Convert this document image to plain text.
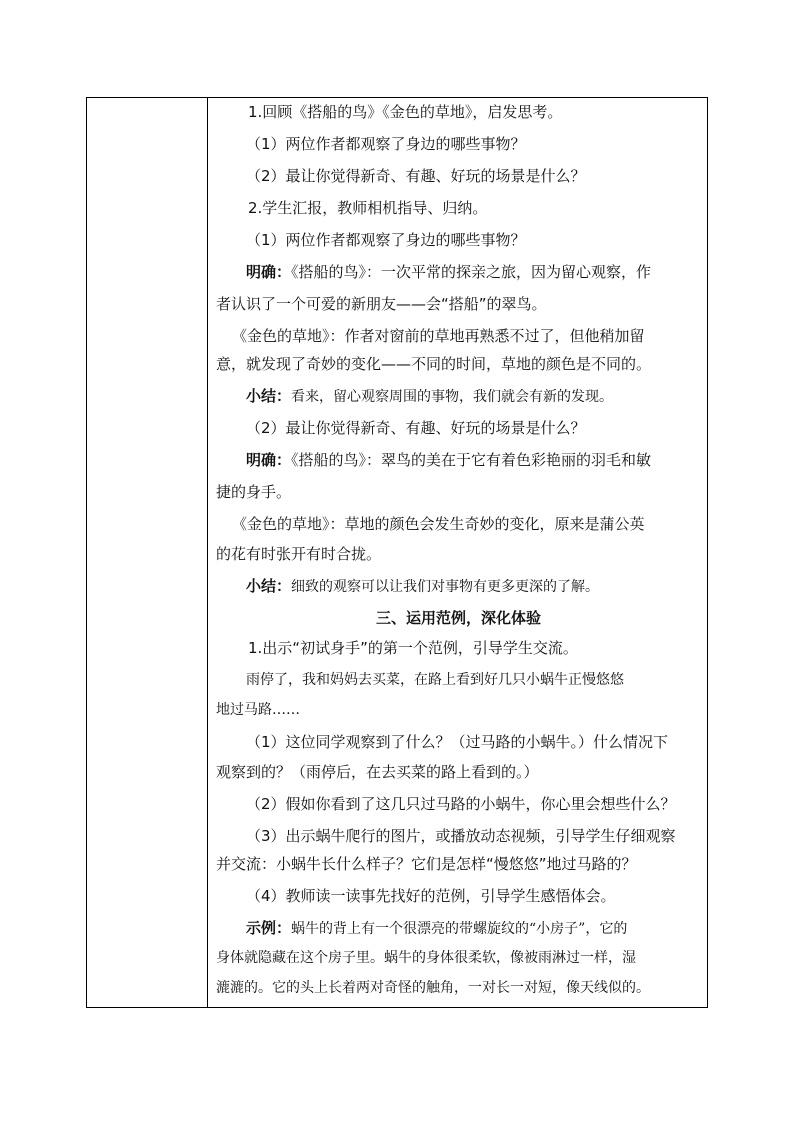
1.回顾《搭船的鸟》《金色的草地》，启发思考。
（1）两位作者都观察了身边的哪些事物？
（2）最让你觉得新奇、有趣、好玩的场景是什么？
2.学生汇报，教师相机指导、归纳。
（1）两位作者都观察了身边的哪些事物？
明确：《搭船的鸟》：一次平常的探亲之旅，因为留心观察，作
者认识了一个可爱的新朋友——会“搭船”的翠鸟。
《金色的草地》：作者对窗前的草地再熟悉不过了，但他稍加留
意，就发现了奇妙的变化——不同的时间，草地的颜色是不同的。
小结：看来，留心观察周围的事物，我们就会有新的发现。
（2）最让你觉得新奇、有趣、好玩的场景是什么？
明确：《搭船的鸟》：翠鸟的美在于它有着色彩艳丽的羽毛和敏
捷的身手。
《金色的草地》：草地的颜色会发生奇妙的变化，原来是蒲公英
的花有时张开有时合拢。
小结：细致的观察可以让我们对事物有更多更深的了解。
三、运用范例，深化体验
1.出示“初试身手”的第一个范例，引导学生交流。
雨停了，我和妈妈去买菜，在路上看到好几只小蜗牛正慢悠悠
地过马路……
（1）这位同学观察到了什么？（过马路的小蜗牛。）什么情况下
观察到的？（雨停后，在去买菜的路上看到的。）
（2）假如你看到了这几只过马路的小蜗牛，你心里会想些什么？
（3）出示蜗牛爬行的图片，或播放动态视频，引导学生仔细观察
并交流：小蜗牛长什么样子？它们是怎样“慢悠悠”地过马路的？
（4）教师读一读事先找好的范例，引导学生感悟体会。
示例：蜗牛的背上有一个很漂亮的带螺旋纹的“小房子”，它的
身体就隐藏在这个房子里。蜗牛的身体很柔软，像被雨淋过一样，湿
漉漉的。它的头上长着两对奇怪的触角，一对长一对短，像天线似的。
